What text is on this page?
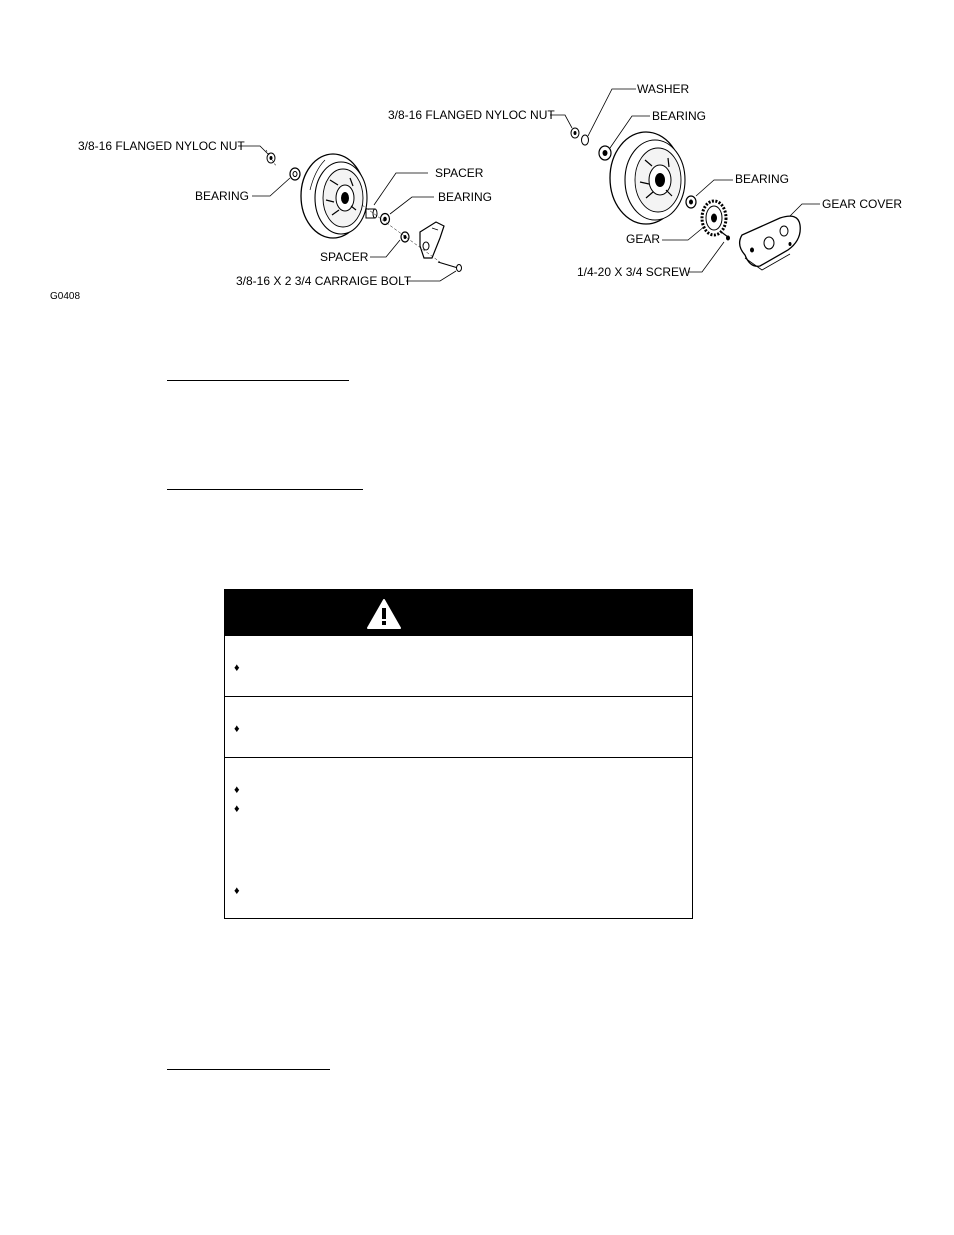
3/8-16 FLANGED NYLOC NUT
BEARING
SPACER
BEARING
SPACER
3/8-16 X 2 3/4 CARRAIGE BOLT
WASHER
3/8-16 FLANGED NYLOC NUT	BEARING
BEARING
GEAR COVER
GEAR
1/4-20 X 3/4 SCREW
G0408
♦
♦
♦
♦
♦
